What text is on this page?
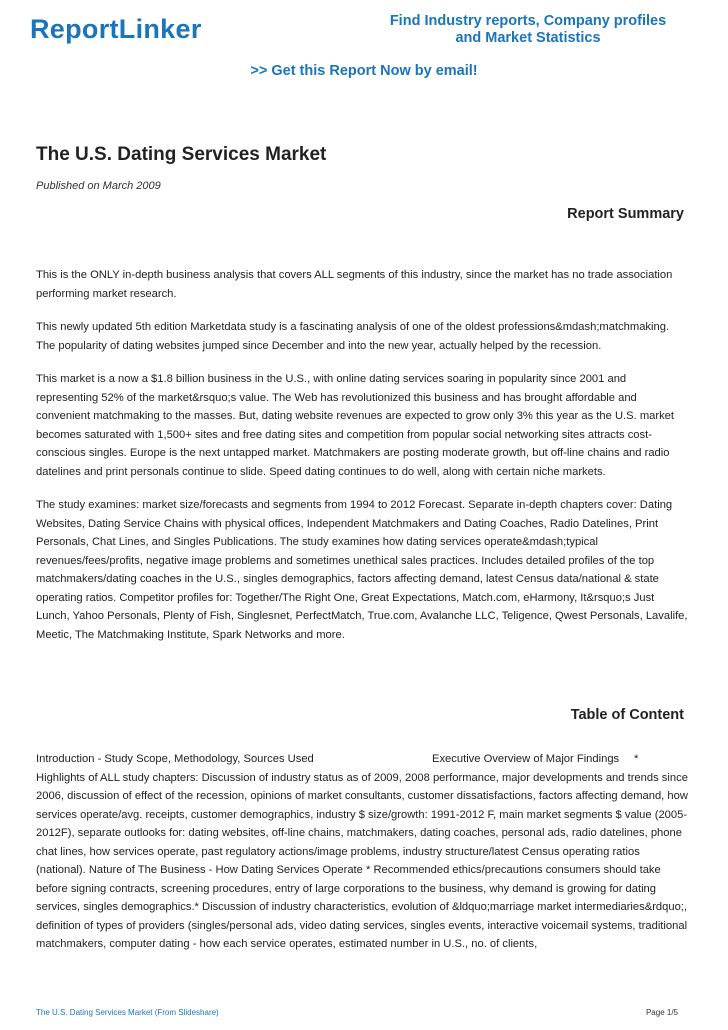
ReportLinker	Find Industry reports, Company profiles
and Market Statistics
>> Get this Report Now by email!
The U.S. Dating Services Market
Published on March 2009
Report Summary

This is the ONLY in-depth business analysis that covers ALL segments of this industry, since the market has no trade association performing market research.

This newly updated 5th edition Marketdata study is a fascinating analysis of one of the oldest professions&mdash;matchmaking. The popularity of dating websites jumped since December and into the new year, actually helped by the recession.

This market is a now a $1.8 billion business in the U.S., with online dating services soaring in popularity since 2001 and representing 52% of the market&rsquo;s value. The Web has revolutionized this business and has brought affordable and convenient matchmaking to the masses. But, dating website revenues are expected to grow only 3% this year as the U.S. market becomes saturated with 1,500+ sites and free dating sites and competition from popular social networking sites attracts cost-conscious singles. Europe is the next untapped market. Matchmakers are posting moderate growth, but off-line chains and radio datelines and print personals continue to slide. Speed dating continues to do well, along with certain niche markets.

The study examines: market size/forecasts and segments from 1994 to 2012 Forecast. Separate in-depth chapters cover: Dating Websites, Dating Service Chains with physical offices, Independent Matchmakers and Dating Coaches, Radio Datelines, Print Personals, Chat Lines, and Singles Publications. The study examines how dating services operate&mdash;typical revenues/fees/profits, negative image problems and sometimes unethical sales practices. Includes detailed profiles of the top matchmakers/dating coaches in the U.S., singles demographics, factors affecting demand, latest Census data/national & state operating ratios. Competitor profiles for: Together/The Right One, Great Expectations, Match.com, eHarmony, It&rsquo;s Just Lunch, Yahoo Personals, Plenty of Fish, Singlesnet, PerfectMatch, True.com, Avalanche LLC, Teligence, Qwest Personals, Lavalife, Meetic, The Matchmaking Institute, Spark Networks and more.

Table of Content
Introduction - Study Scope, Methodology, Sources Used	Executive Overview of Major Findings *
Highlights of ALL study chapters: Discussion of industry status as of 2009, 2008 performance, major developments and trends since 2006, discussion of effect of the recession, opinions of market consultants, customer dissatisfactions, factors affecting demand, how services operate/avg. receipts, customer demographics, industry $ size/growth: 1991-2012 F, main market segments $ value (2005-2012F), separate outlooks for: dating websites, off-line chains, matchmakers, dating coaches, personal ads, radio datelines, phone chat lines, how services operate, past regulatory actions/image problems, industry structure/latest Census operating ratios (national). Nature of The Business - How Dating Services Operate * Recommended ethics/precautions consumers should take before signing contracts, screening procedures, entry of large corporations to the business, why demand is growing for dating services, singles demographics.* Discussion of industry characteristics, evolution of &ldquo;marriage market intermediaries&rdquo;, definition of types of providers (singles/personal ads, video dating services, singles events, interactive voicemail systems, traditional matchmakers, computer dating - how each service operates, estimated number in U.S., no. of clients,
The U.S. Dating Services Market (From Slideshare)	Page 1/5
